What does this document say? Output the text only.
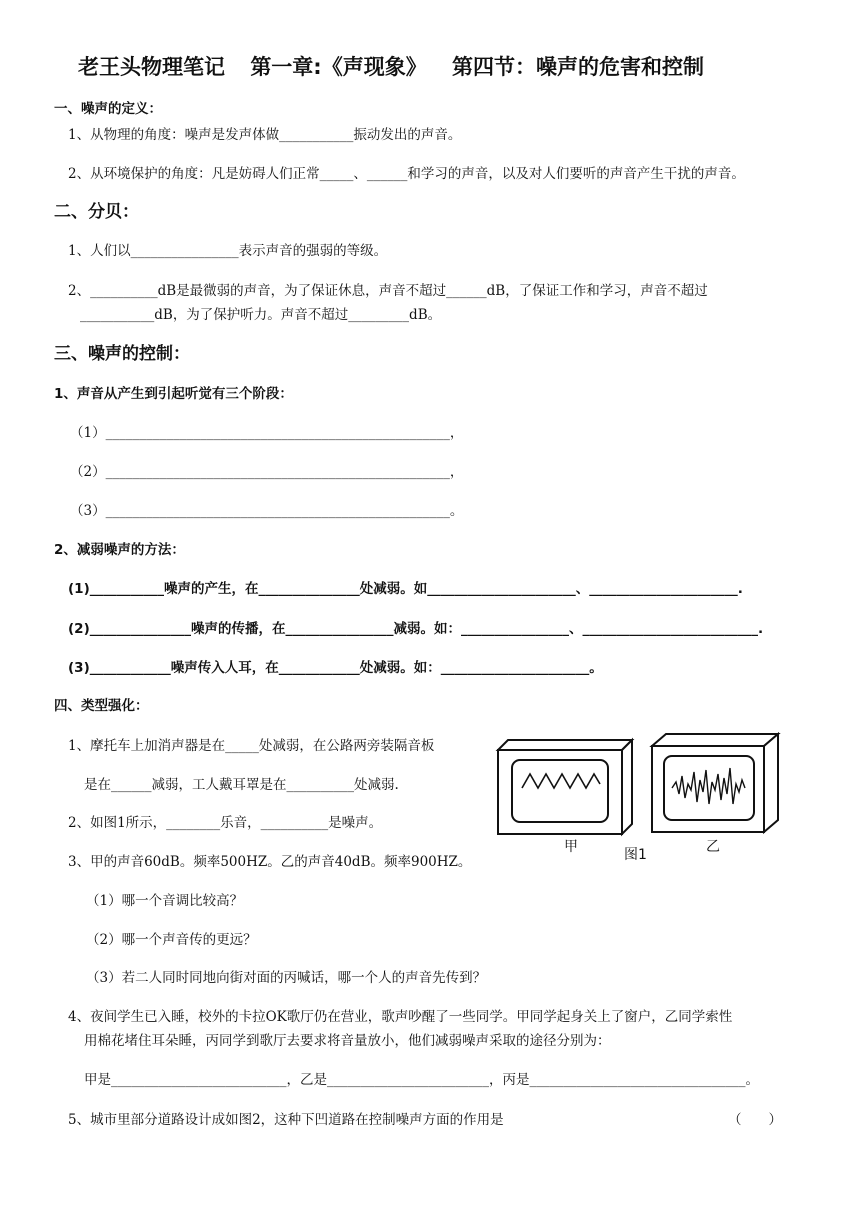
老王头物理笔记 第一章:《声现象》 第四节：噪声的危害和控制
一、噪声的定义：
1、从物理的角度：噪声是发声体做___________振动发出的声音。
2、从环境保护的角度：凡是妨碍人们正常_____、______和学习的声音，以及对人们要听的声音产生干扰的声音。
二、分贝：
1、人们以________________表示声音的强弱的等级。
2、__________dB是最微弱的声音，为了保证休息，声音不超过______dB，了保证工作和学习，声音不超过
___________dB，为了保护听力。声音不超过_________dB。
三、噪声的控制：
1、声音从产生到引起听觉有三个阶段：
（1）___________________________________________________，
（2）___________________________________________________，
（3）___________________________________________________。
2、减弱噪声的方法：
(1)___________噪声的产生，在_______________处减弱。如______________________、______________________.
(2)_______________噪声的传播，在________________减弱。如：________________、__________________________.
(3)____________噪声传入人耳，在____________处减弱。如：______________________。
四、类型强化：
1、摩托车上加消声器是在_____处减弱，在公路两旁装隔音板
是在______减弱，工人戴耳罩是在__________处减弱.
2、如图1所示，________乐音，__________是噪声。
3、甲的声音60dB。频率500HZ。乙的声音40dB。频率900HZ。
（1）哪一个音调比较高？
（2）哪一个声音传的更远？
（3）若二人同时同地向街对面的丙喊话，哪一个人的声音先传到？
4、夜间学生已入睡，校外的卡拉OK歌厅仍在营业，歌声吵醒了一些同学。甲同学起身关上了窗户，乙同学索性
用棉花堵住耳朵睡，丙同学到歌厅去要求将音量放小，他们减弱噪声采取的途径分别为：
甲是__________________________，乙是________________________，丙是________________________________。
5、城市里部分道路设计成如图2，这种下凹道路在控制噪声方面的作用是	（　　）
甲	图1	乙
